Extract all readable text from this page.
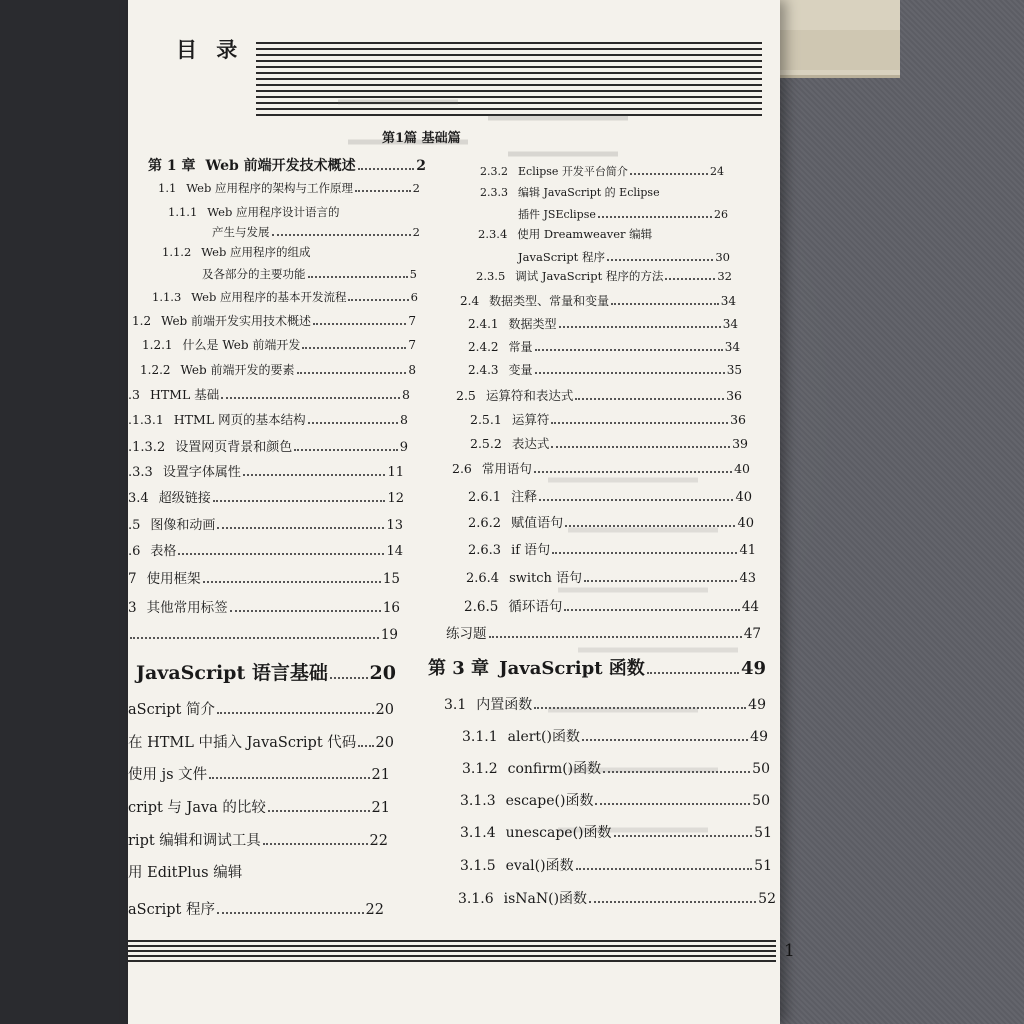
目 录
第1篇 基础篇
第 1 章 Web 前端开发技术概述	2
1.1 Web 应用程序的架构与工作原理	2
1.1.1 Web 应用程序设计语言的
产生与发展	2
1.1.2 Web 应用程序的组成
及各部分的主要功能	5
1.1.3 Web 应用程序的基本开发流程	6
1.2 Web 前端开发实用技术概述	7
1.2.1 什么是 Web 前端开发	7
1.2.2 Web 前端开发的要素	8
.3 HTML 基础	8
.1.3.1 HTML 网页的基本结构	8
.1.3.2 设置网页背景和颜色	9
.3.3 设置字体属性	11
3.4 超级链接	12
.5 图像和动画	13
.6 表格	14
7 使用框架	15
3 其他常用标签	16
19
JavaScript 语言基础 20
aScript 简介	20
在 HTML 中插入 JavaScript 代码 20
使用 js 文件	21
cript 与 Java 的比较	21
ript 编辑和调试工具	22
用 EditPlus 编辑
aScript 程序	22
2.3.2 Eclipse 开发平台简介	24
2.3.3 编辑 JavaScript 的 Eclipse
插件 JSEclipse	26
2.3.4 使用 Dreamweaver 编辑
JavaScript 程序	30
2.3.5 调试 JavaScript 程序的方法	32
2.4 数据类型、常量和变量	34
2.4.1 数据类型	34
2.4.2 常量	34
2.4.3 变量	35
2.5 运算符和表达式	36
2.5.1 运算符	36
2.5.2 表达式	39
2.6 常用语句	40
2.6.1 注释	40
2.6.2 赋值语句	40
2.6.3 if 语句	41
2.6.4 switch 语句	43
2.6.5 循环语句	44
练习题	47
第 3 章 JavaScript 函数	49
3.1 内置函数	49
3.1.1 alert()函数	49
3.1.2 confirm()函数	50
3.1.3 escape()函数	50
3.1.4 unescape()函数	51
3.1.5 eval()函数	51
3.1.6 isNaN()函数	52
1
